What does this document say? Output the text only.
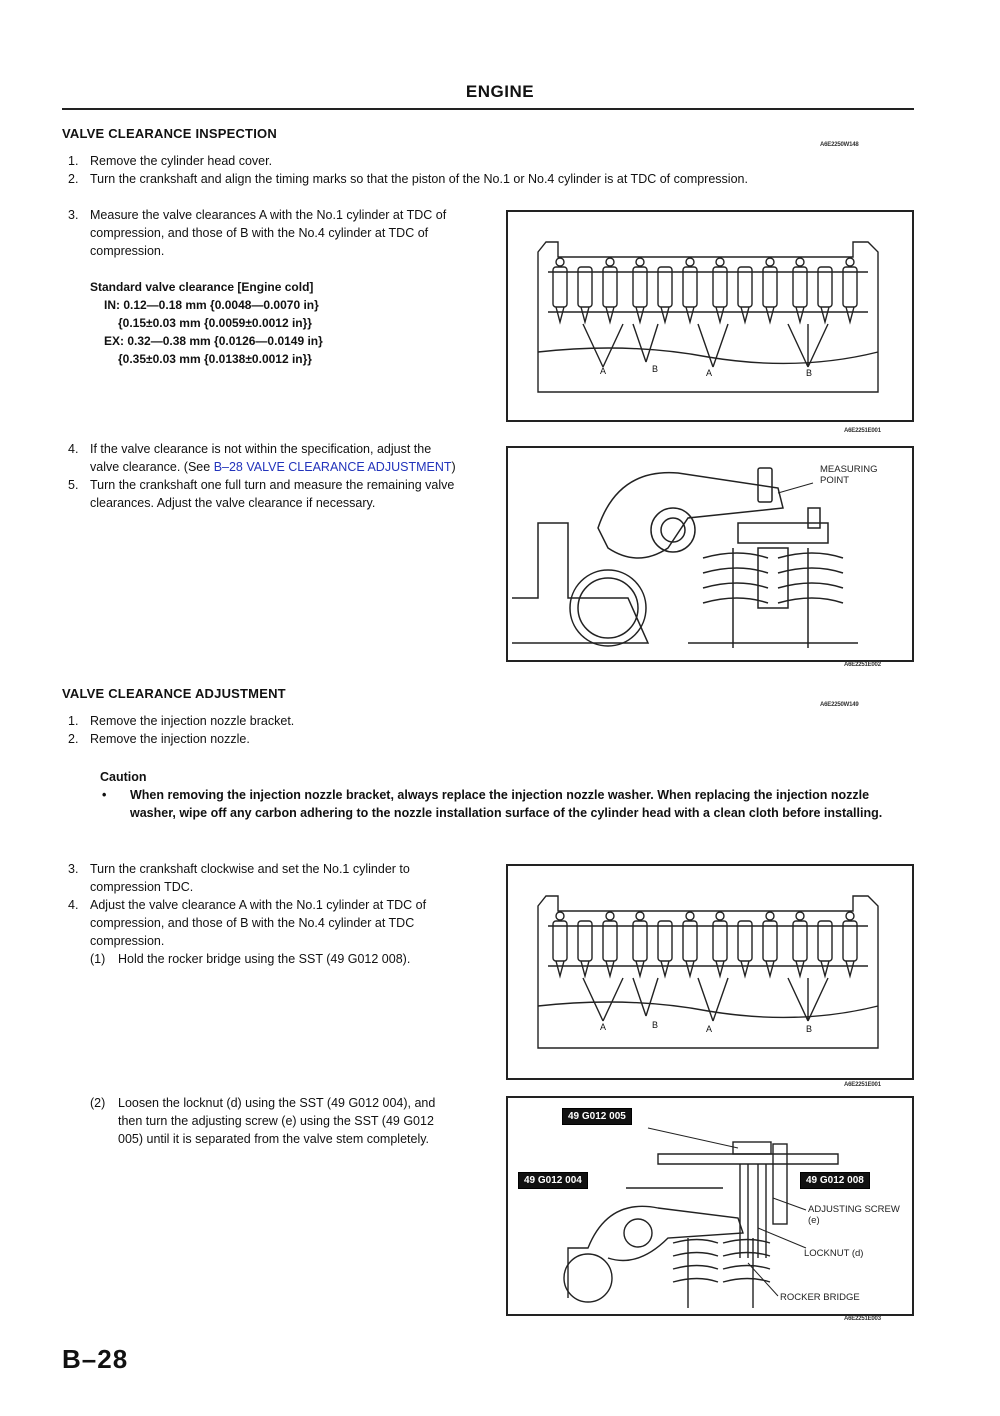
ENGINE
VALVE CLEARANCE INSPECTION
A6E2250W148
1. Remove the cylinder head cover.
2. Turn the crankshaft and align the timing marks so that the piston of the No.1 or No.4 cylinder is at TDC of compression.
3. Measure the valve clearances A with the No.1 cylinder at TDC of compression, and those of B with the No.4 cylinder at TDC of compression.
Standard valve clearance [Engine cold]
IN: 0.12—0.18 mm {0.0048—0.0070 in}
{0.15±0.03 mm {0.0059±0.0012 in}}
EX: 0.32—0.38 mm {0.0126—0.0149 in}
{0.35±0.03 mm {0.0138±0.0012 in}}
A	B	A	B
A6E2251E001
4. If the valve clearance is not within the specification, adjust the valve clearance. (See B–28 VALVE CLEARANCE ADJUSTMENT)
5. Turn the crankshaft one full turn and measure the remaining valve clearances. Adjust the valve clearance if necessary.
MEASURING POINT
A6E2251E002
VALVE CLEARANCE ADJUSTMENT
A6E2250W149
1. Remove the injection nozzle bracket.
2. Remove the injection nozzle.
Caution
•	When removing the injection nozzle bracket, always replace the injection nozzle washer. When replacing the injection nozzle washer, wipe off any carbon adhering to the nozzle installation surface of the cylinder head with a clean cloth before installing.
3. Turn the crankshaft clockwise and set the No.1 cylinder to compression TDC.
4. Adjust the valve clearance A with the No.1 cylinder at TDC of compression, and those of B with the No.4 cylinder at TDC compression.
(1)	Hold the rocker bridge using the SST (49 G012 008).
A	B	A	B
A6E2251E001
(2)	Loosen the locknut (d) using the SST (49 G012 004), and then turn the adjusting screw (e) using the SST (49 G012 005) until it is separated from the valve stem completely.
49 G012 005
49 G012 004	49 G012 008
ADJUSTING SCREW (e)
LOCKNUT (d)
ROCKER BRIDGE
A6E2251E003
B–28
